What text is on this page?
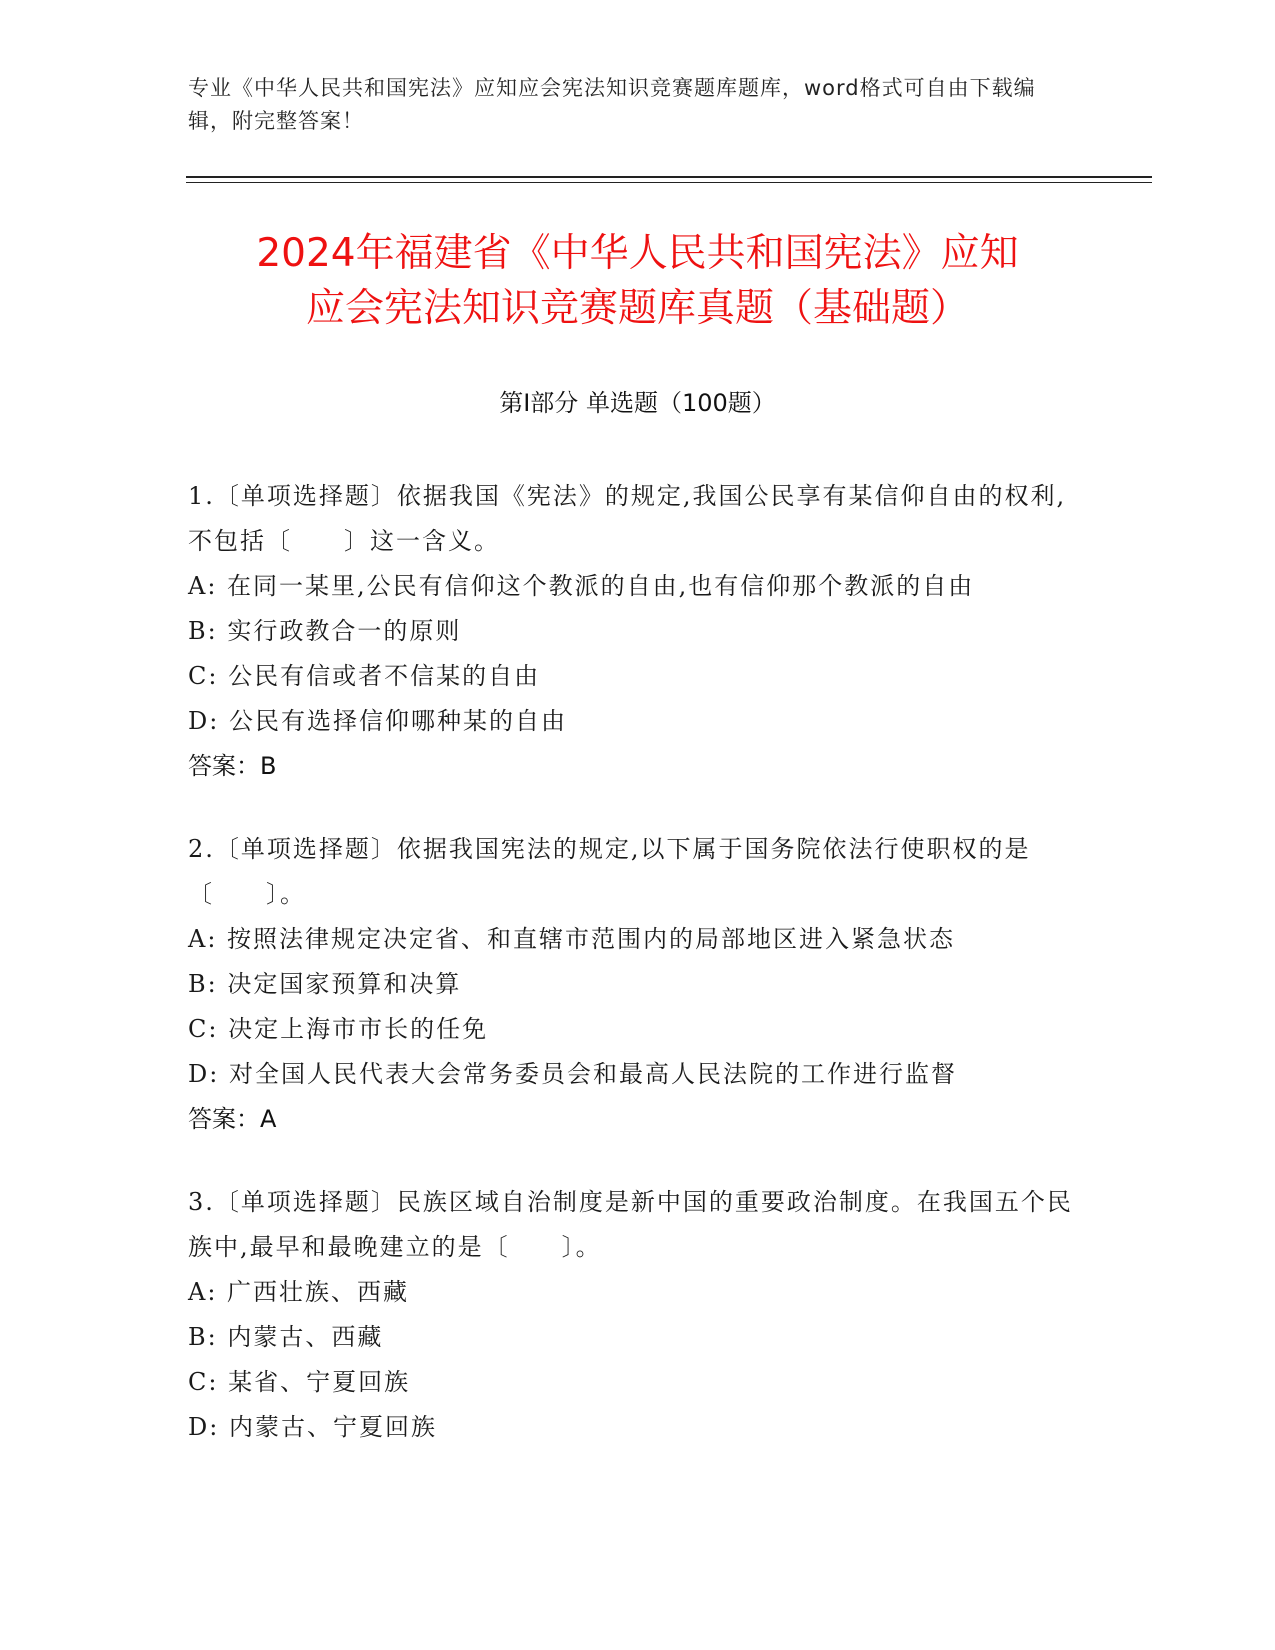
专业《中华人民共和国宪法》应知应会宪法知识竞赛题库题库，word格式可自由下载编辑，附完整答案！
2024年福建省《中华人民共和国宪法》应知
应会宪法知识竞赛题库真题（基础题）
第Ⅰ部分 单选题（100题）
1.〔单项选择题〕依据我国《宪法》的规定,我国公民享有某信仰自由的权利,不包括〔　　〕这一含义。
A: 在同一某里,公民有信仰这个教派的自由,也有信仰那个教派的自由
B: 实行政教合一的原则
C: 公民有信或者不信某的自由
D: 公民有选择信仰哪种某的自由
答案：B
2.〔单项选择题〕依据我国宪法的规定,以下属于国务院依法行使职权的是〔　　〕。
A: 按照法律规定决定省、和直辖市范围内的局部地区进入紧急状态
B: 决定国家预算和决算
C: 决定上海市市长的任免
D: 对全国人民代表大会常务委员会和最高人民法院的工作进行监督
答案：A
3.〔单项选择题〕民族区域自治制度是新中国的重要政治制度。在我国五个民族中,最早和最晚建立的是〔　　〕。
A: 广西壮族、西藏
B: 内蒙古、西藏
C: 某省、宁夏回族
D: 内蒙古、宁夏回族
